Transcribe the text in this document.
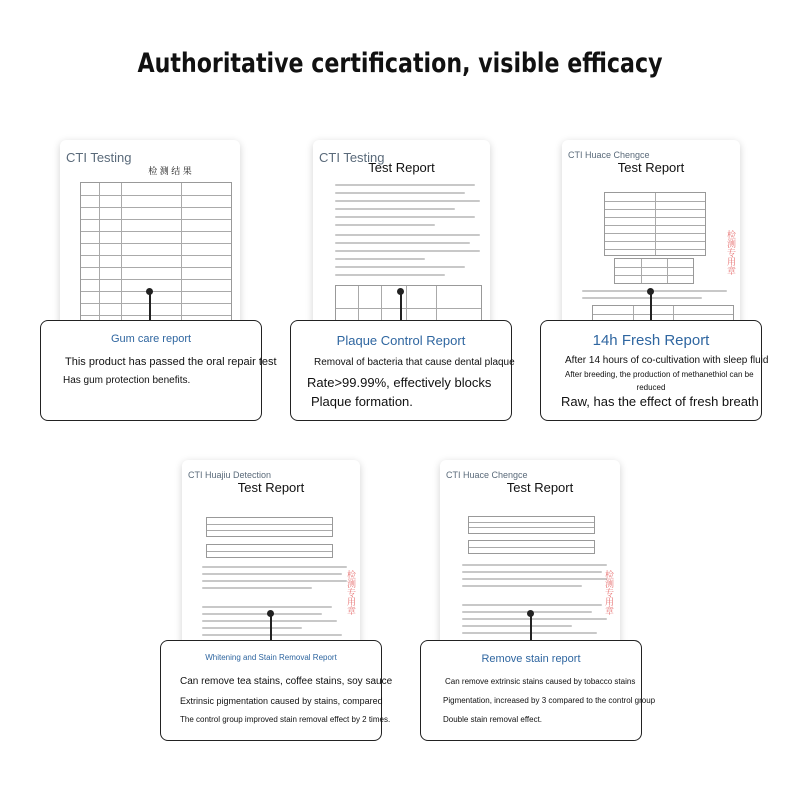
Authoritative certification, visible efficacy
CTI Testing
检 测 结 果
CTI Testing
Test Report
CTI Huace Chengce
Test Report
检测专用章
CTI Huajiu Detection
Test Report
检测专用章
CTI Huace Chengce
Test Report
检测专用章
Gum care report
This product has passed the oral repair test
Has gum protection benefits.
Plaque Control Report
Removal of bacteria that cause dental plaque
Rate>99.99%, effectively blocks
Plaque formation.
14h Fresh Report
After 14 hours of co-cultivation with sleep fluid
After breeding, the production of methanethiol can be
reduced
Raw, has the effect of fresh breath
Whitening and Stain Removal Report
Can remove tea stains, coffee stains, soy sauce
Extrinsic pigmentation caused by stains, compared
The control group improved stain removal effect by 2 times.
Remove stain report
Can remove extrinsic stains caused by tobacco stains
Pigmentation, increased by 3 compared to the control group
Double stain removal effect.
